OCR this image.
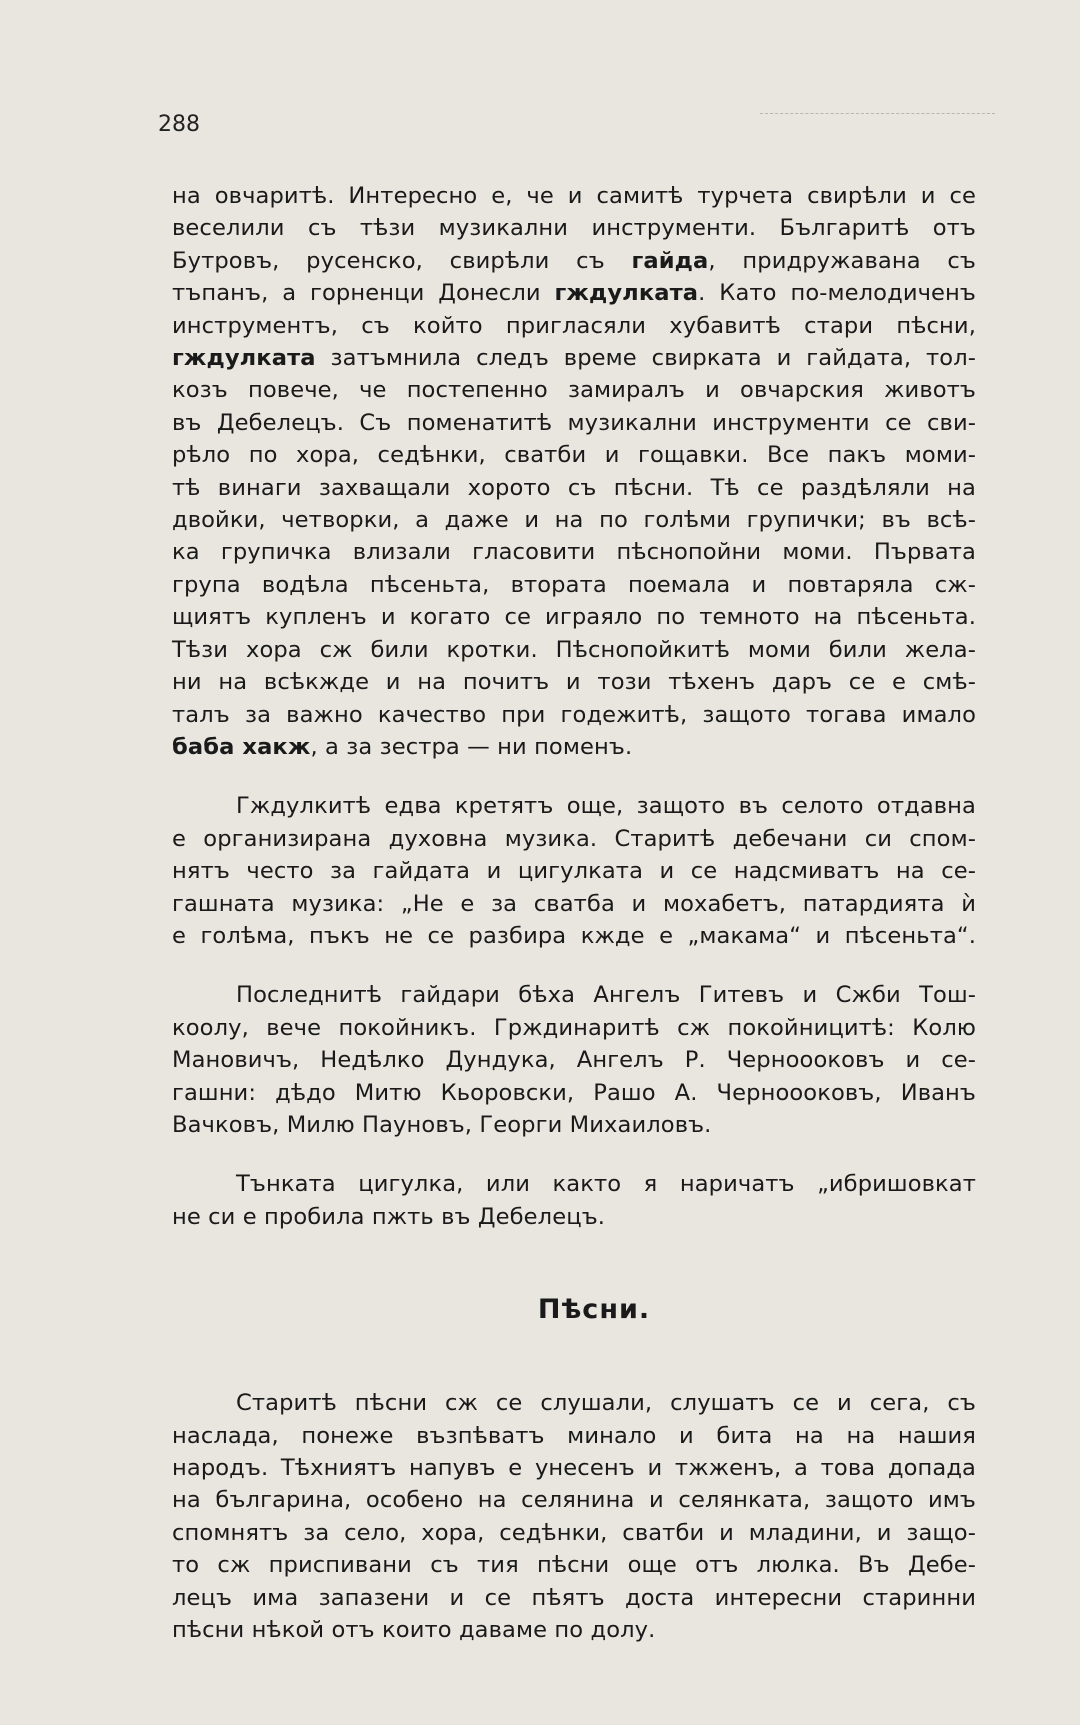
288
на овчаритѣ. Интересно е, че и самитѣ турчета свирѣли и се
веселили съ тѣзи музикални инструменти. Българитѣ отъ
Бутровъ, русенско, свирѣли съ гайда, придружавана съ
тъпанъ, а горненци Донесли гждулката. Като по-мелодиченъ
инструментъ, съ който пригласяли хубавитѣ стари пѣсни,
гждулката затъмнила следъ време свирката и гайдата, тол-
козъ повече, че постепенно замиралъ и овчарския животъ
въ Дебелецъ. Съ поменатитѣ музикални инструменти се сви-
рѣло по хора, седѣнки, сватби и гощавки. Все пакъ моми-
тѣ винаги захващали хорото съ пѣсни. Тѣ се раздѣляли на
двойки, четворки, а даже и на по голѣми групички; въ всѣ-
ка групичка влизали гласовити пѣснопойни моми. Първата
група водѣла пѣсеньта, втората поемала и повтаряла сж-
щиятъ купленъ и когато се играяло по темното на пѣсеньта.
Тѣзи хора сж били кротки. Пѣснопойкитѣ моми били жела-
ни на всѣкжде и на почитъ и този тѣхенъ даръ се е смѣ-
талъ за важно качество при годежитѣ, защото тогава имало
баба хакж, а за зестра — ни поменъ.
Гждулкитѣ едва кретятъ още, защото въ селото отдавна
е организирана духовна музика. Старитѣ дебечани си спом-
нятъ често за гайдата и цигулката и се надсмиватъ на се-
гашната музика: „Не е за сватба и мохабетъ, патардията ѝ
е голѣма, пъкъ не се разбира кжде е „макама“ и пѣсеньта“.
Последнитѣ гайдари бѣха Ангелъ Гитевъ и Сжби Тош-
коолу, вече покойникъ. Грждинаритѣ сж покойницитѣ: Колю
Мановичъ, Недѣлко Дундука, Ангелъ Р. Черноооковъ и се-
гашни: дѣдо Митю Кьоровски, Рашо А. Черноооковъ, Иванъ
Вачковъ, Милю Пауновъ, Георги Михаиловъ.
Тънката цигулка, или както я наричатъ „ибришовкат
не си е пробила пжть въ Дебелецъ.
Пѣсни.
Старитѣ пѣсни сж се слушали, слушатъ се и сега, съ
наслада, понеже възпѣватъ минало и бита на на нашия
народъ. Тѣхниятъ напувъ е унесенъ и тжженъ, а това допада
на българина, особено на селянина и селянката, защото имъ
спомнятъ за село, хора, седѣнки, сватби и младини, и защо-
то сж приспивани съ тия пѣсни още отъ люлка. Въ Дебе-
лецъ има запазени и се пѣятъ доста интересни старинни
пѣсни нѣкой отъ които даваме по долу.
